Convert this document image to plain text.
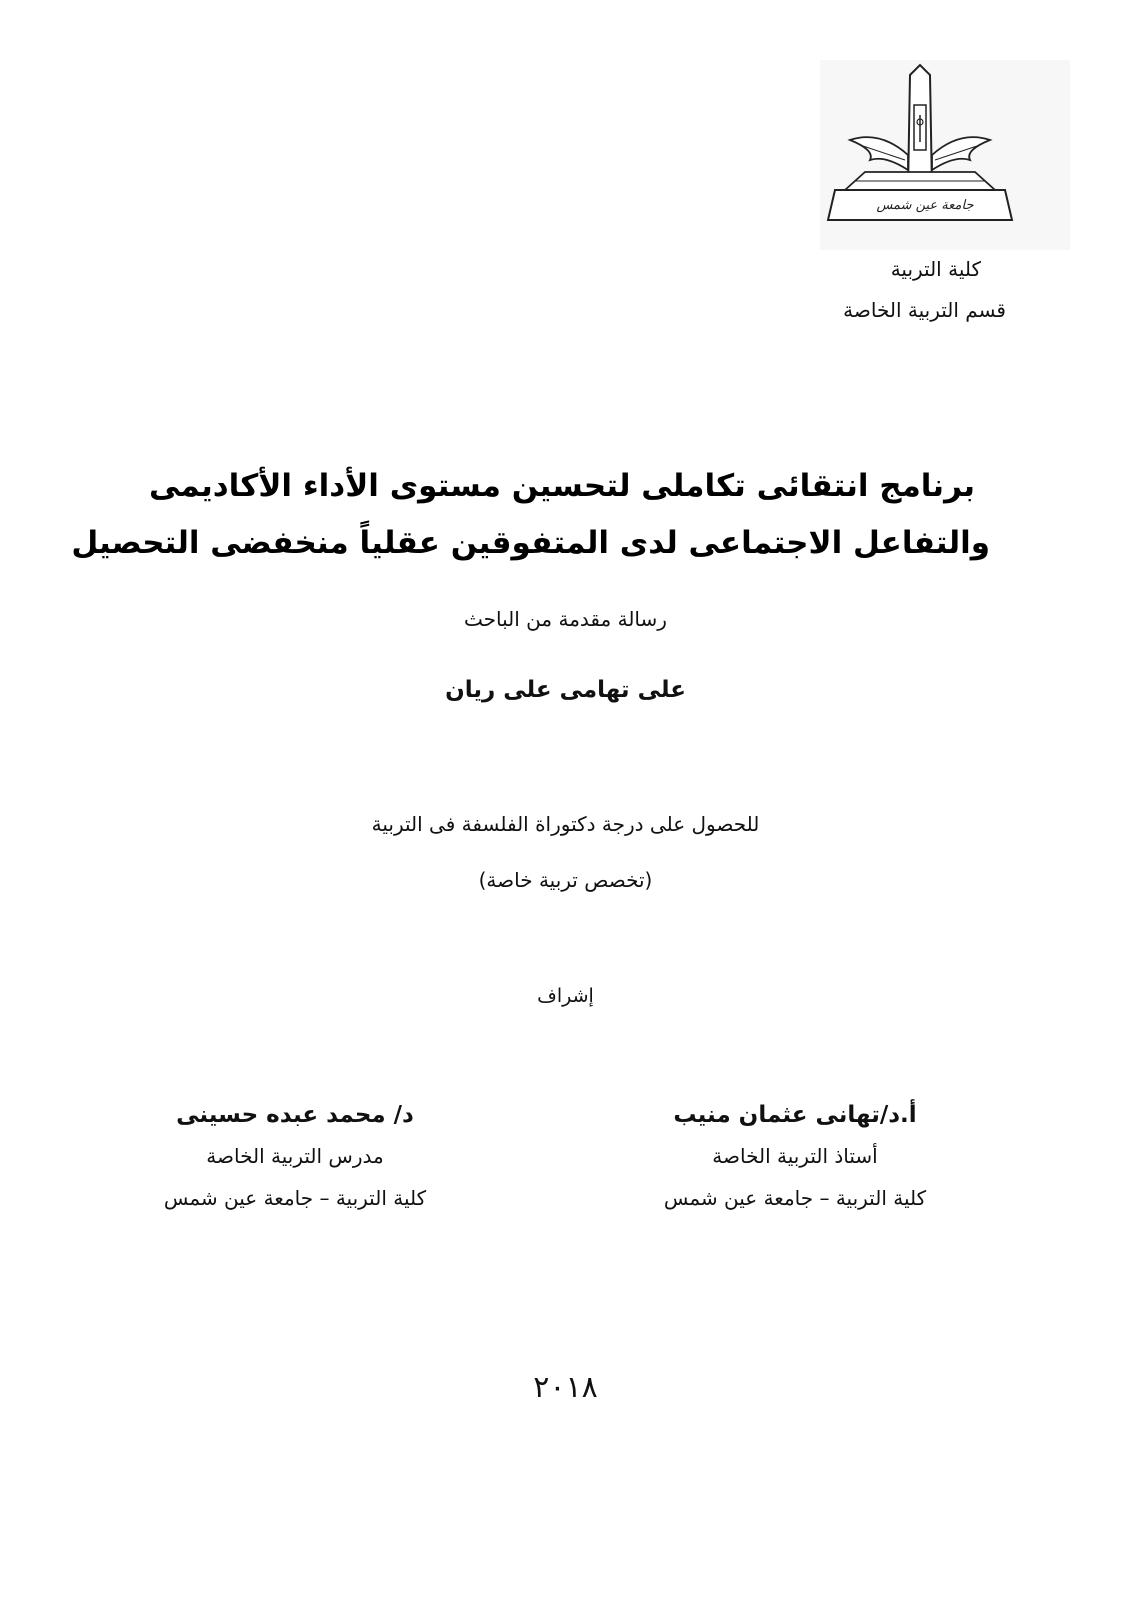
جامعة عين شمس
كلية التربية
قسم التربية الخاصة
برنامج انتقائى تكاملى لتحسين مستوى الأداء الأكاديمى
والتفاعل الاجتماعى لدى المتفوقين عقلياً منخفضى التحصيل
رسالة مقدمة من الباحث
على تهامى على ريان
للحصول على درجة دكتوراة الفلسفة فى التربية
(تخصص تربية خاصة)
إشراف
أ.د/تهانى عثمان منيب
أستاذ التربية الخاصة
كلية التربية – جامعة عين شمس
د/ محمد عبده حسينى
مدرس التربية الخاصة
كلية التربية – جامعة عين شمس
٢٠١٨
